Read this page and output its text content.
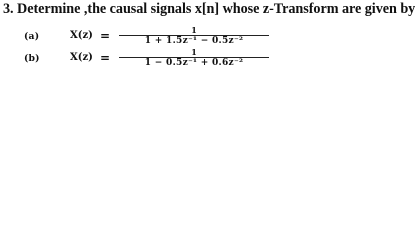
3. Determine ,the causal signals x[n] whose z-Transform are given by
(a)	X(z) =	1
1 + 1.5z⁻¹ − 0.5z⁻²
(b)	X(z) =	1
1 − 0.5z⁻¹ + 0.6z⁻²
